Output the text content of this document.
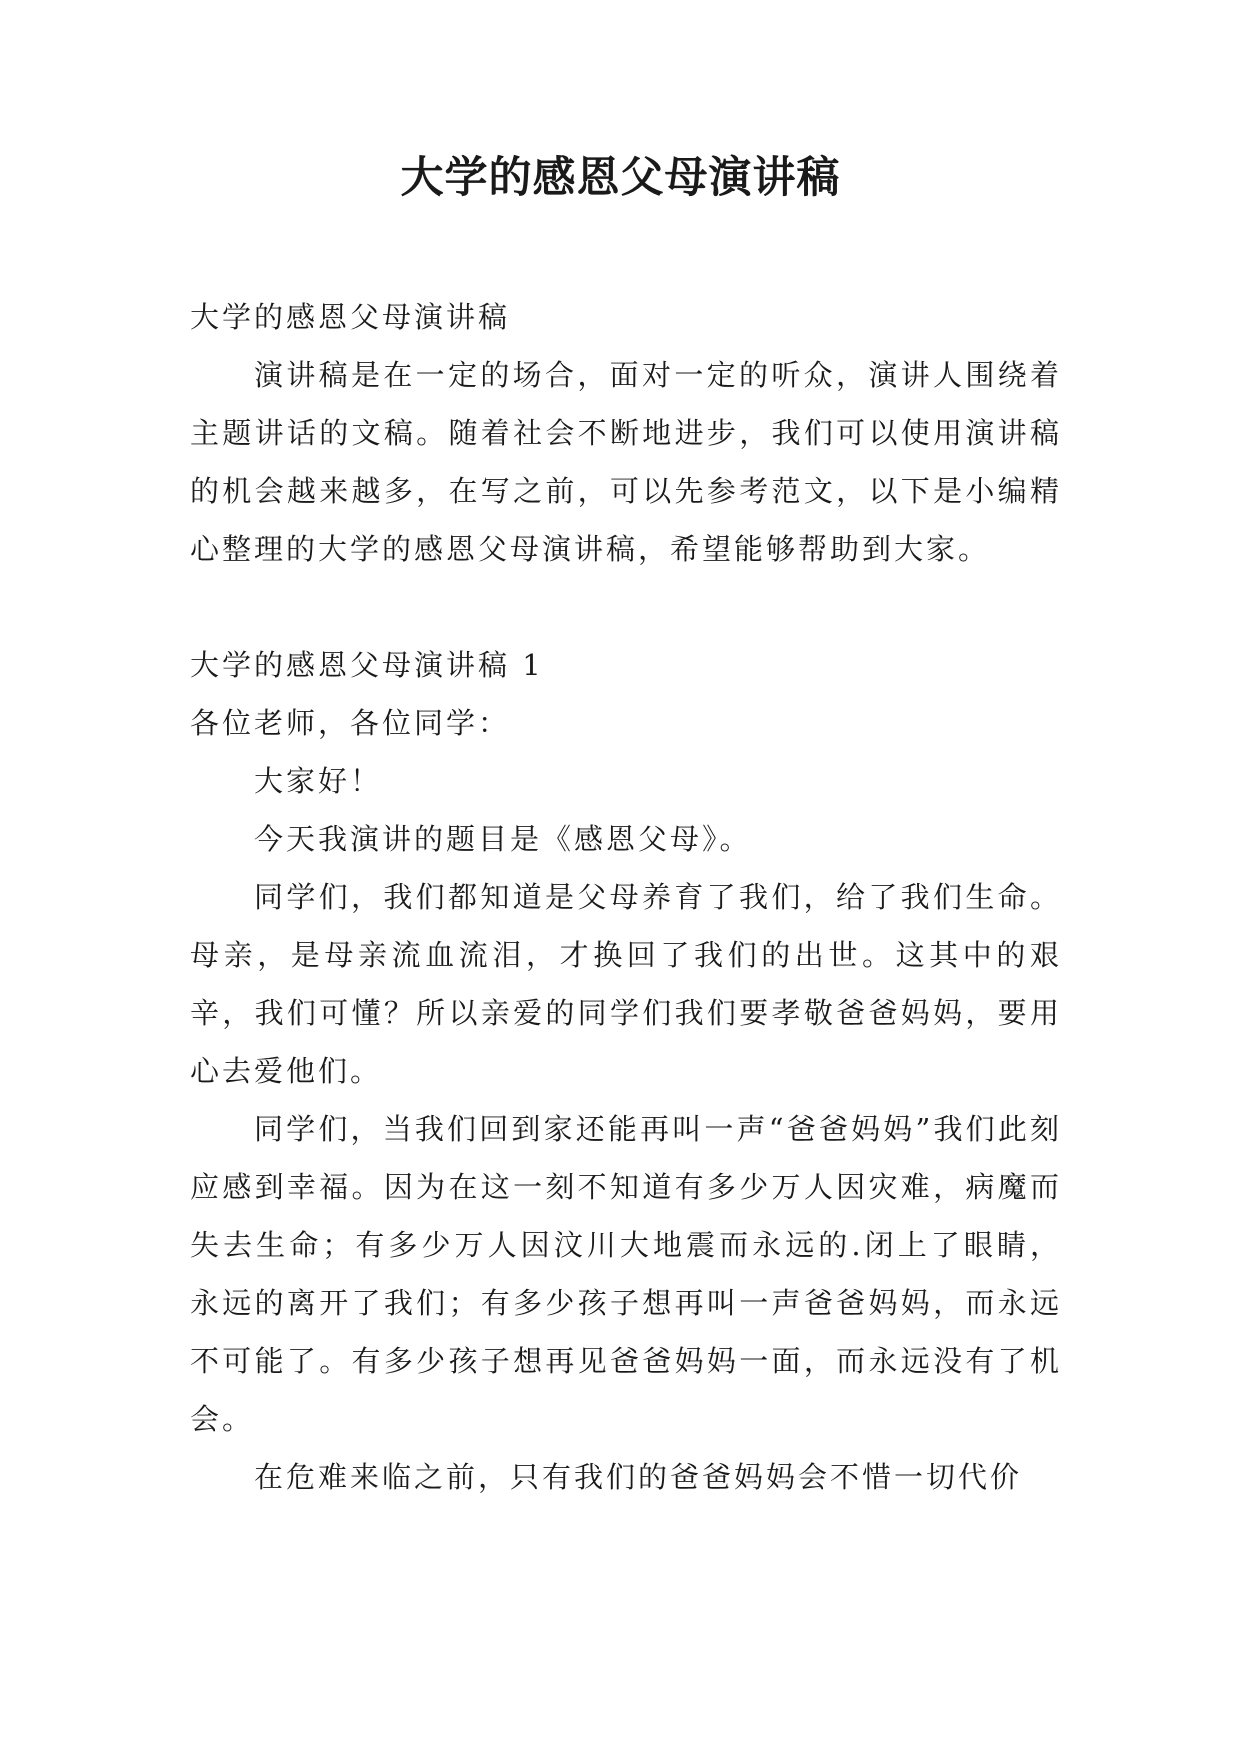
大学的感恩父母演讲稿

大学的感恩父母演讲稿

演讲稿是在一定的场合，面对一定的听众，演讲人围绕着主题讲话的文稿。随着社会不断地进步，我们可以使用演讲稿的机会越来越多，在写之前，可以先参考范文，以下是小编精心整理的大学的感恩父母演讲稿，希望能够帮助到大家。

大学的感恩父母演讲稿 1

各位老师，各位同学：

大家好！

今天我演讲的题目是《感恩父母》。

同学们，我们都知道是父母养育了我们，给了我们生命。母亲，是母亲流血流泪，才换回了我们的出世。这其中的艰辛，我们可懂？所以亲爱的同学们我们要孝敬爸爸妈妈，要用心去爱他们。

同学们，当我们回到家还能再叫一声“爸爸妈妈”我们此刻应感到幸福。因为在这一刻不知道有多少万人因灾难，病魔而失去生命；有多少万人因汶川大地震而永远的.闭上了眼睛，永远的离开了我们；有多少孩子想再叫一声爸爸妈妈，而永远不可能了。有多少孩子想再见爸爸妈妈一面，而永远没有了机会。

在危难来临之前，只有我们的爸爸妈妈会不惜一切代价
